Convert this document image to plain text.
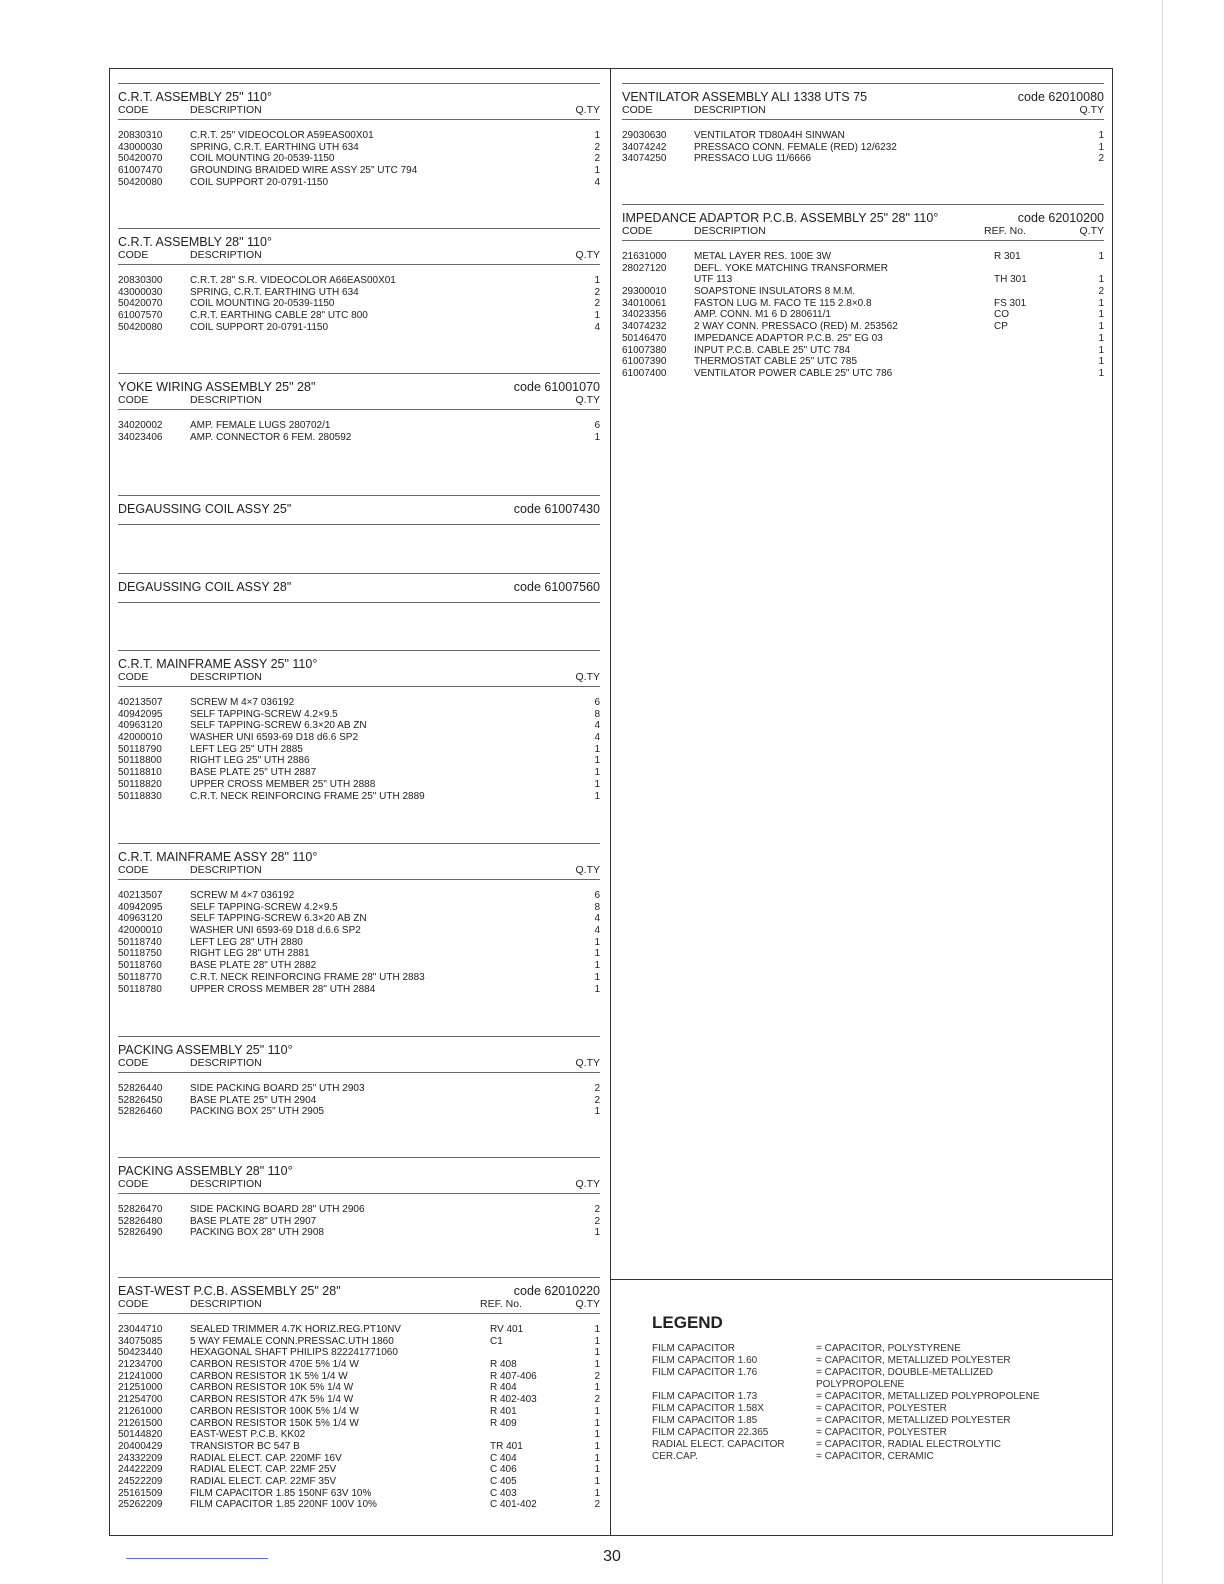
C.R.T. ASSEMBLY 25" 110°
CODE	DESCRIPTION	Q.TY
20830310	C.R.T. 25" VIDEOCOLOR A59EAS00X01	1
43000030	SPRING, C.R.T. EARTHING UTH 634	2
50420070	COIL MOUNTING 20-0539-1150	2
61007470	GROUNDING BRAIDED WIRE ASSY 25" UTC 794	1
50420080	COIL SUPPORT 20-0791-1150	4
C.R.T. ASSEMBLY 28" 110°
CODE	DESCRIPTION	Q.TY
20830300	C.R.T. 28" S.R. VIDEOCOLOR A66EAS00X01	1
43000030	SPRING, C.R.T. EARTHING UTH 634	2
50420070	COIL MOUNTING 20-0539-1150	2
61007570	C.R.T. EARTHING CABLE 28" UTC 800	1
50420080	COIL SUPPORT 20-0791-1150	4
YOKE WIRING ASSEMBLY 25" 28"	code 61001070
CODE	DESCRIPTION	Q.TY
34020002	AMP. FEMALE LUGS 280702/1	6
34023406	AMP. CONNECTOR 6 FEM. 280592	1
DEGAUSSING COIL ASSY 25"	code 61007430
DEGAUSSING COIL ASSY 28"	code 61007560
C.R.T. MAINFRAME ASSY 25" 110°
CODE	DESCRIPTION	Q.TY
40213507	SCREW M 4×7 036192	6
40942095	SELF TAPPING-SCREW 4.2×9.5	8
40963120	SELF TAPPING-SCREW 6.3×20 AB ZN	4
42000010	WASHER UNI 6593-69 D18 d6.6 SP2	4
50118790	LEFT LEG 25" UTH 2885	1
50118800	RIGHT LEG 25" UTH 2886	1
50118810	BASE PLATE 25" UTH 2887	1
50118820	UPPER CROSS MEMBER 25" UTH 2888	1
50118830	C.R.T. NECK REINFORCING FRAME 25" UTH 2889	1
C.R.T. MAINFRAME ASSY 28" 110°
CODE	DESCRIPTION	Q.TY
40213507	SCREW M 4×7 036192	6
40942095	SELF TAPPING-SCREW 4.2×9.5	8
40963120	SELF TAPPING-SCREW 6.3×20 AB ZN	4
42000010	WASHER UNI 6593-69 D18 d.6.6 SP2	4
50118740	LEFT LEG 28" UTH 2880	1
50118750	RIGHT LEG 28" UTH 2881	1
50118760	BASE PLATE 28" UTH 2882	1
50118770	C.R.T. NECK REINFORCING FRAME 28" UTH 2883	1
50118780	UPPER CROSS MEMBER 28" UTH 2884	1
PACKING ASSEMBLY 25" 110°
CODE	DESCRIPTION	Q.TY
52826440	SIDE PACKING BOARD 25" UTH 2903	2
52826450	BASE PLATE 25" UTH 2904	2
52826460	PACKING BOX 25" UTH 2905	1
PACKING ASSEMBLY 28" 110°
CODE	DESCRIPTION	Q.TY
52826470	SIDE PACKING BOARD 28" UTH 2906	2
52826480	BASE PLATE 28" UTH 2907	2
52826490	PACKING BOX 28" UTH 2908	1
EAST-WEST P.C.B. ASSEMBLY 25" 28"	code 62010220
CODE	DESCRIPTION	REF. No.	Q.TY
23044710	SEALED TRIMMER 4.7K HORIZ.REG.PT10NV	RV 401	1
34075085	5 WAY FEMALE CONN.PRESSAC.UTH 1860	C1	1
50423440	HEXAGONAL SHAFT PHILIPS 822241771060	1
21234700	CARBON RESISTOR 470E 5% 1/4 W	R 408	1
21241000	CARBON RESISTOR 1K 5% 1/4 W	R 407-406	2
21251000	CARBON RESISTOR 10K 5% 1/4 W	R 404	1
21254700	CARBON RESISTOR 47K 5% 1/4 W	R 402-403	2
21261000	CARBON RESISTOR 100K 5% 1/4 W	R 401	1
21261500	CARBON RESISTOR 150K 5% 1/4 W	R 409	1
50144820	EAST-WEST P.C.B. KK02	1
20400429	TRANSISTOR BC 547 B	TR 401	1
24332209	RADIAL ELECT. CAP. 220MF 16V	C 404	1
24422209	RADIAL ELECT. CAP. 22MF 25V	C 406	1
24522209	RADIAL ELECT. CAP. 22MF 35V	C 405	1
25161509	FILM CAPACITOR 1.85 150NF 63V 10%	C 403	1
25262209	FILM CAPACITOR 1.85 220NF 100V 10%	C 401-402	2
VENTILATOR ASSEMBLY ALI 1338 UTS 75	code 62010080
CODE	DESCRIPTION	Q.TY
29030630	VENTILATOR TD80A4H SINWAN	1
34074242	PRESSACO CONN. FEMALE (RED) 12/6232	1
34074250	PRESSACO LUG 11/6666	2
IMPEDANCE ADAPTOR P.C.B. ASSEMBLY 25" 28" 110°	code 62010200
CODE	DESCRIPTION	REF. No.	Q.TY
21631000	METAL LAYER RES. 100E 3W	R 301	1
28027120	DEFL. YOKE MATCHING TRANSFORMER
UTF 113	TH 301	1
29300010	SOAPSTONE INSULATORS 8 M.M.	2
34010061	FASTON LUG M. FACO TE 115 2.8×0.8	FS 301	1
34023356	AMP. CONN. M1 6 D 280611/1	CO	1
34074232	2 WAY CONN. PRESSACO (RED) M. 253562	CP	1
50146470	IMPEDANCE ADAPTOR P.C.B. 25" EG 03	1
61007380	INPUT P.C.B. CABLE 25" UTC 784	1
61007390	THERMOSTAT CABLE 25" UTC 785	1
61007400	VENTILATOR POWER CABLE 25" UTC 786	1
LEGEND
FILM CAPACITOR	= CAPACITOR, POLYSTYRENE
FILM CAPACITOR 1.60	= CAPACITOR, METALLIZED POLYESTER
FILM CAPACITOR 1.76	= CAPACITOR, DOUBLE-METALLIZED
POLYPROPOLENE
FILM CAPACITOR 1.73	= CAPACITOR, METALLIZED POLYPROPOLENE
FILM CAPACITOR 1.58X	= CAPACITOR, POLYESTER
FILM CAPACITOR 1.85	= CAPACITOR, METALLIZED POLYESTER
FILM CAPACITOR 22.365	= CAPACITOR, POLYESTER
RADIAL ELECT. CAPACITOR	= CAPACITOR, RADIAL ELECTROLYTIC
CER.CAP.	= CAPACITOR, CERAMIC
30
